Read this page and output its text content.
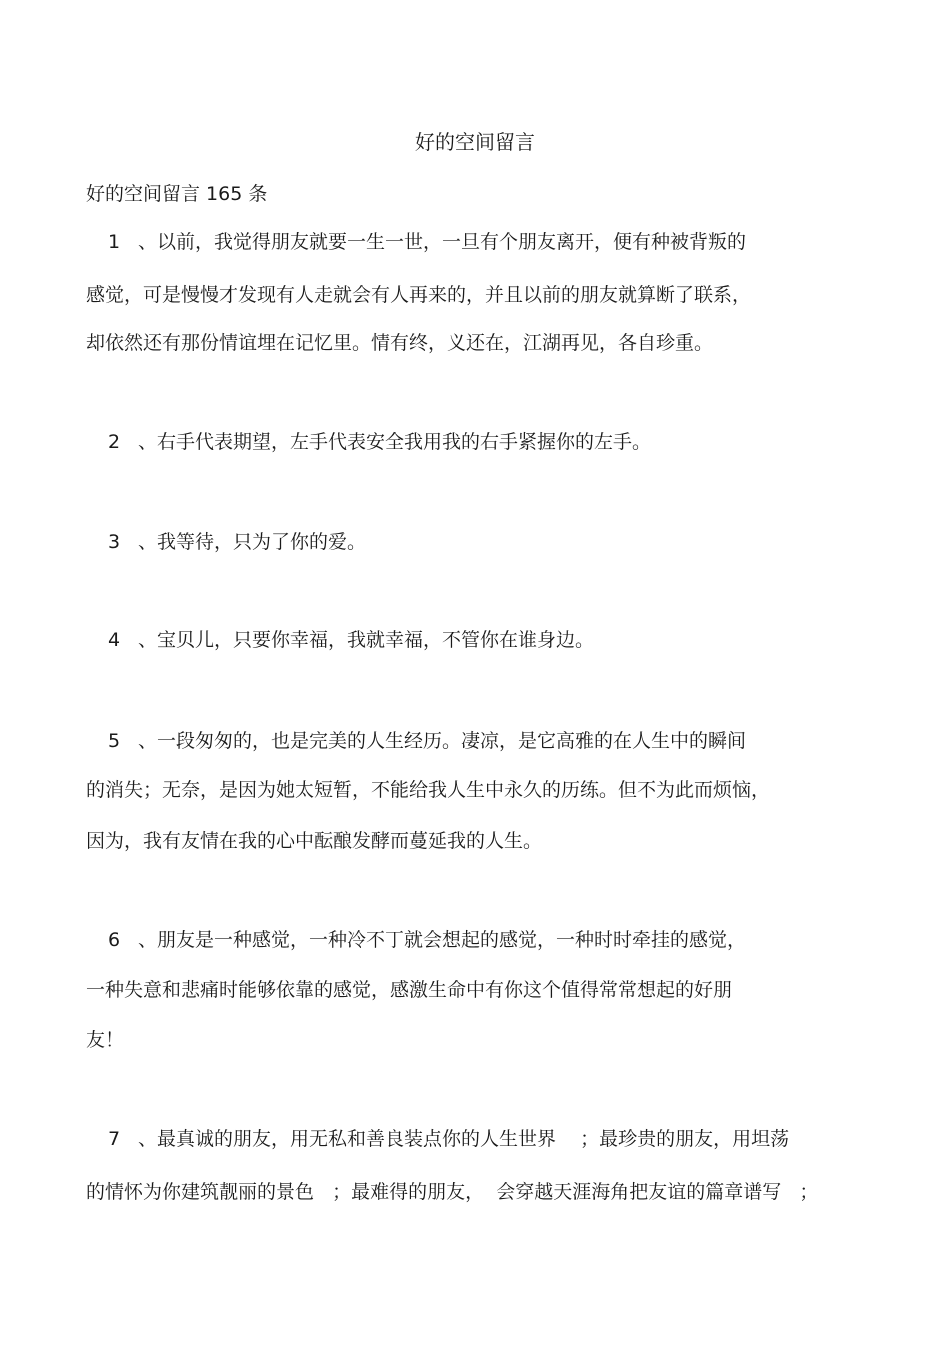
好的空间留言
好的空间留言 165 条
1 、以前，我觉得朋友就要一生一世，一旦有个朋友离开，便有种被背叛的
感觉，可是慢慢才发现有人走就会有人再来的，并且以前的朋友就算断了联系，
却依然还有那份情谊埋在记忆里。情有终，义还在，江湖再见，各自珍重。
2 、右手代表期望，左手代表安全我用我的右手紧握你的左手。
3 、我等待，只为了你的爱。
4 、宝贝儿，只要你幸福，我就幸福，不管你在谁身边。
5 、一段匆匆的，也是完美的人生经历。凄凉，是它高雅的在人生中的瞬间
的消失；无奈，是因为她太短暂，不能给我人生中永久的历练。但不为此而烦恼，
因为，我有友情在我的心中酝酿发酵而蔓延我的人生。
6 、朋友是一种感觉，一种冷不丁就会想起的感觉，一种时时牵挂的感觉，
一种失意和悲痛时能够依靠的感觉，感激生命中有你这个值得常常想起的好朋
友！
7 、最真诚的朋友，用无私和善良装点你的人生世界    ；最珍贵的朋友，用坦荡
的情怀为你建筑靓丽的景色   ；最难得的朋友，  会穿越天涯海角把友谊的篇章谱写   ；
